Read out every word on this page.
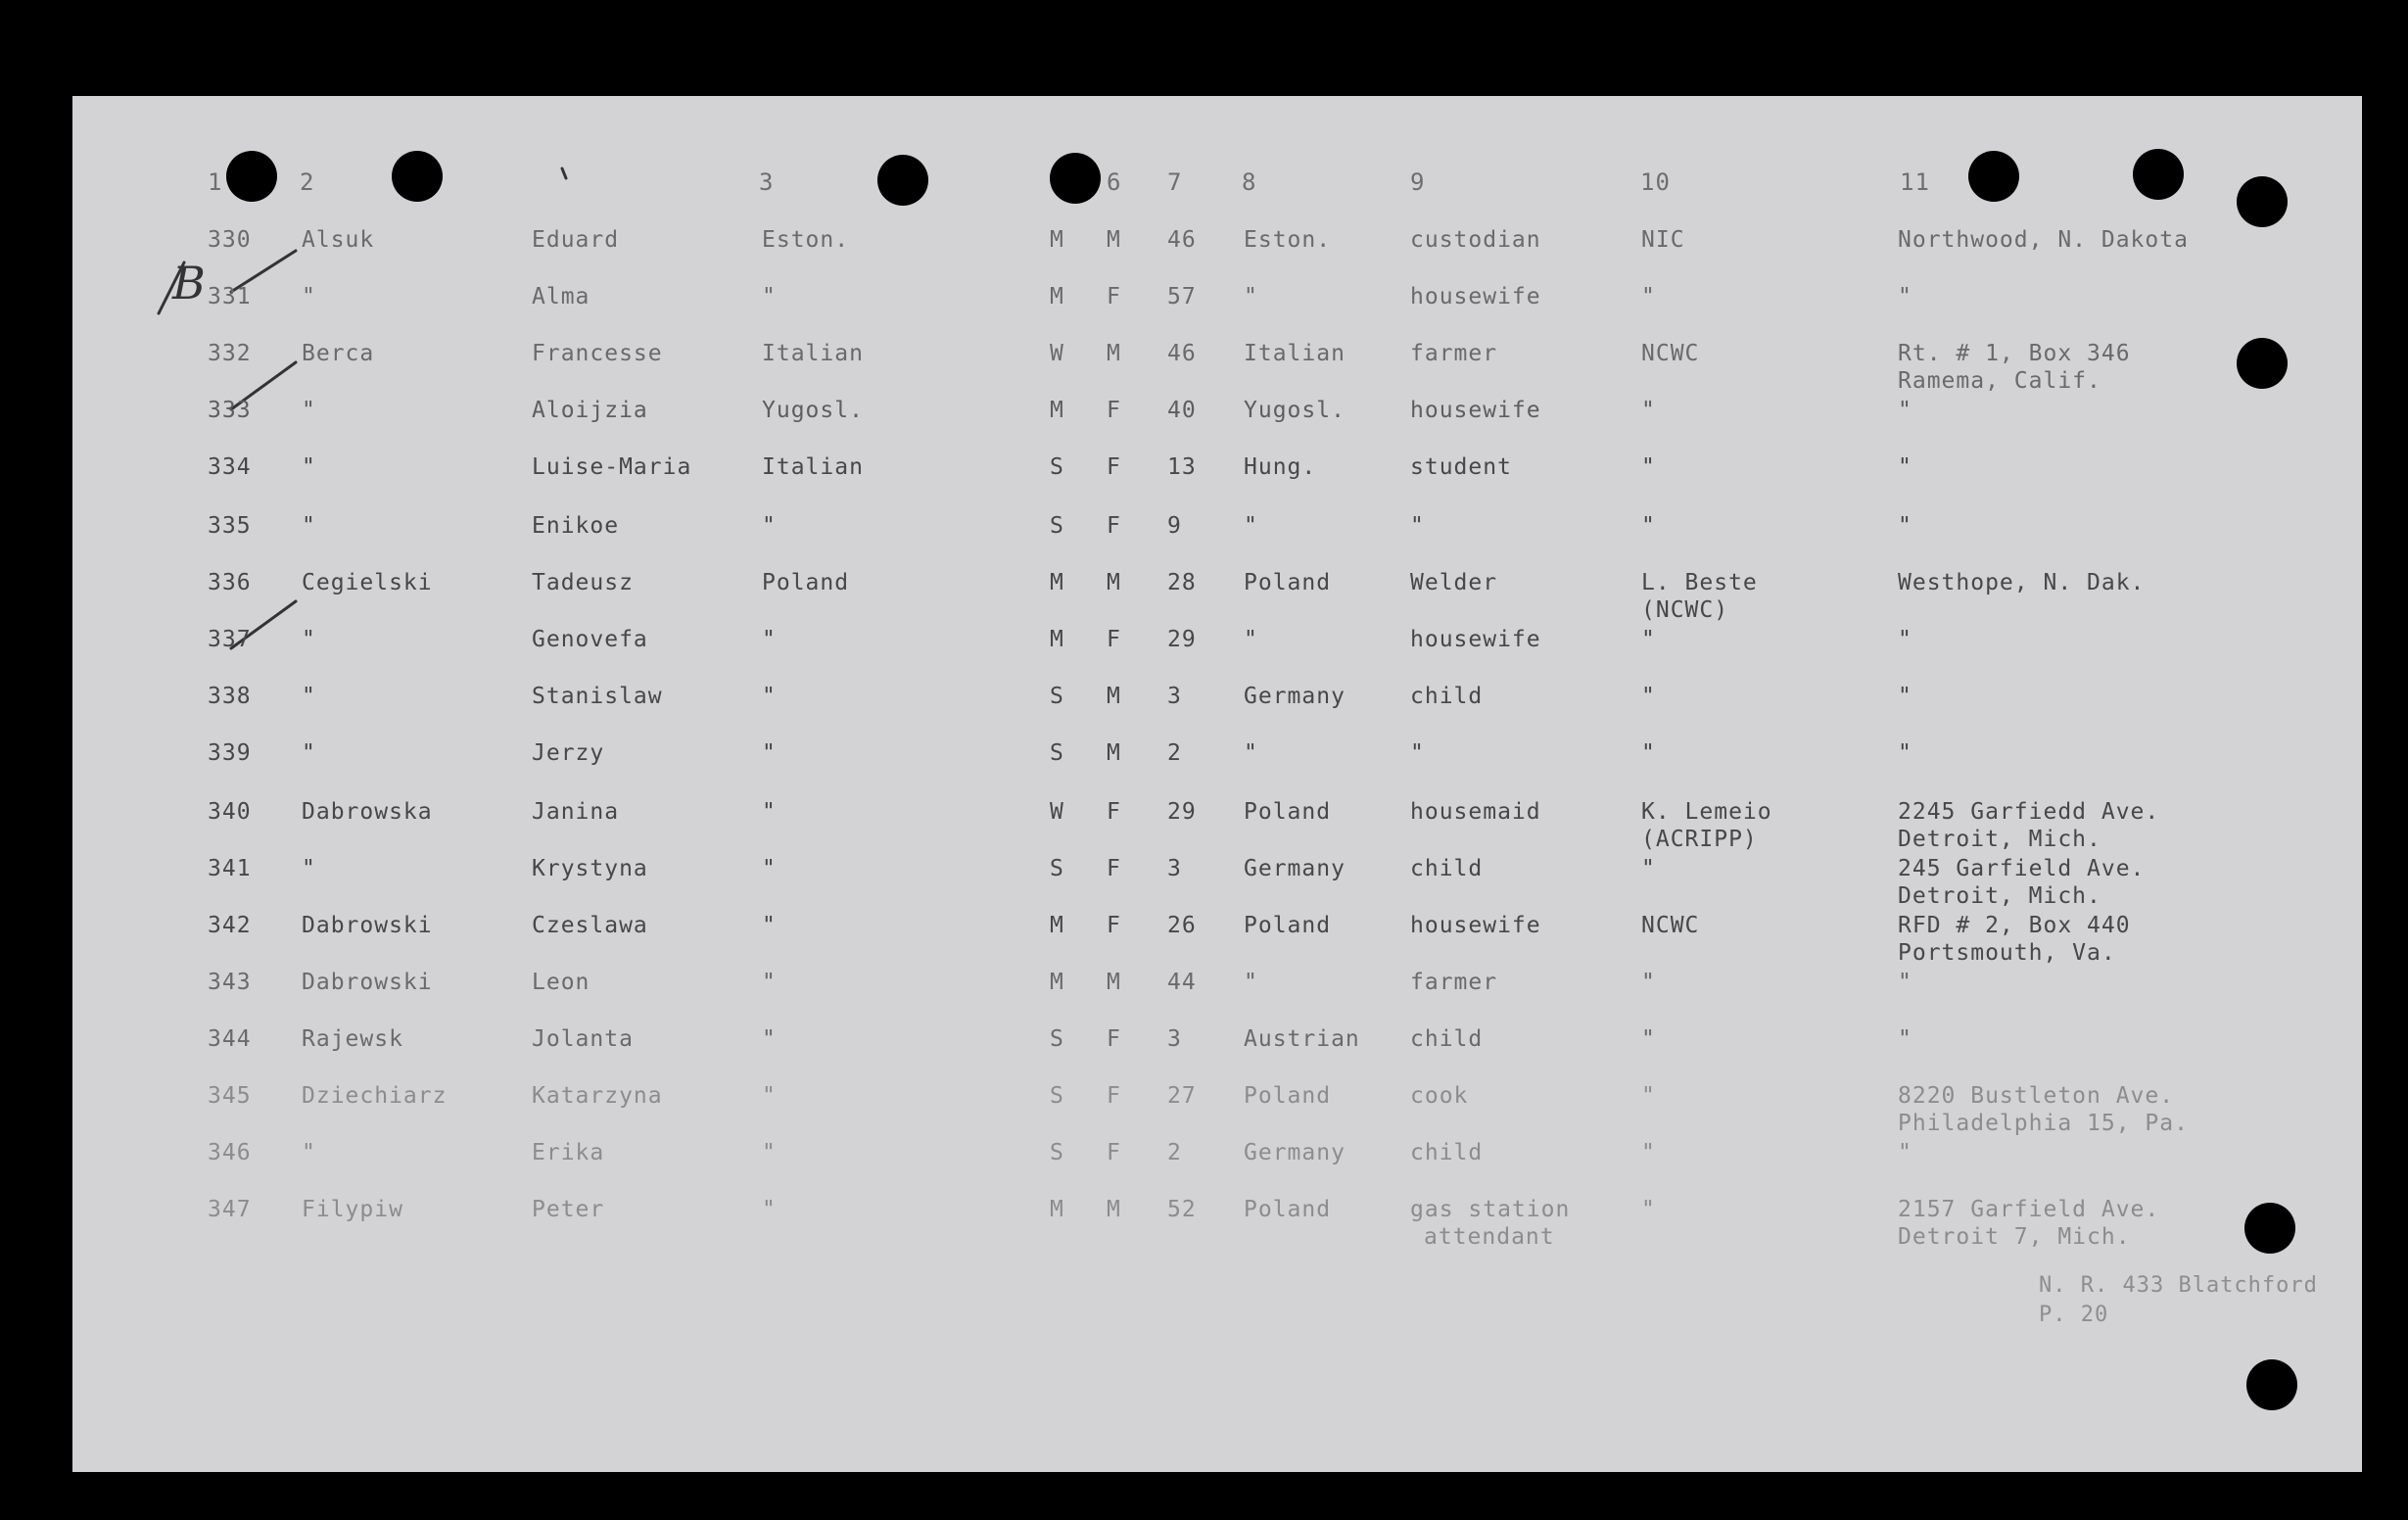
B
1	2	3	6 7	8	9	10	11
330 Alsuk	Eduard	Eston.	M M 46 Eston.	custodian	NIC	Northwood, N. Dakota
331 "	Alma	"	M F 57 "	housewife	"	"
332 Berca	Francesse	Italian	W M 46 Italian	farmer	NCWC	Rt. # 1, Box 346
Ramema, Calif.
333 "	Aloijzia	Yugosl.	M F 40 Yugosl.	housewife	"	"
334 "	Luise-Maria	Italian	S F 13 Hung.	student	"	"
335 "	Enikoe	"	S F 9	"	"	"	"
336 Cegielski	Tadeusz	Poland	M M 28 Poland	Welder	L. Beste	Westhope, N. Dak.
(NCWC)
337 "	Genovefa	"	M F 29 "	housewife	"	"
338 "	Stanislaw	"	S M 3	Germany	child	"	"
339 "	Jerzy	"	S M 2	"	"	"	"
340 Dabrowska	Janina	"	W F 29 Poland	housemaid	K. Lemeio	2245 Garfiedd Ave.
(ACRIPP)	Detroit, Mich.
341 "	Krystyna	"	S F 3	Germany	child	"	245 Garfield Ave.
Detroit, Mich.
342 Dabrowski	Czeslawa	"	M F 26 Poland	housewife	NCWC	RFD # 2, Box 440
Portsmouth, Va.
343 Dabrowski	Leon	"	M M 44 "	farmer	"	"
344 Rajewsk	Jolanta	"	S F 3	Austrian child	"	"
345 Dziechiarz	Katarzyna	"	S F 27 Poland	cook	"	8220 Bustleton Ave.
Philadelphia 15, Pa.
346 "	Erika	"	S F 2	Germany	child	"	"
347 Filypiw	Peter	"	M M 52 Poland	gas station	"	2157 Garfield Ave.
attendant	Detroit 7, Mich.
N. R. 433 Blatchford
P. 20
